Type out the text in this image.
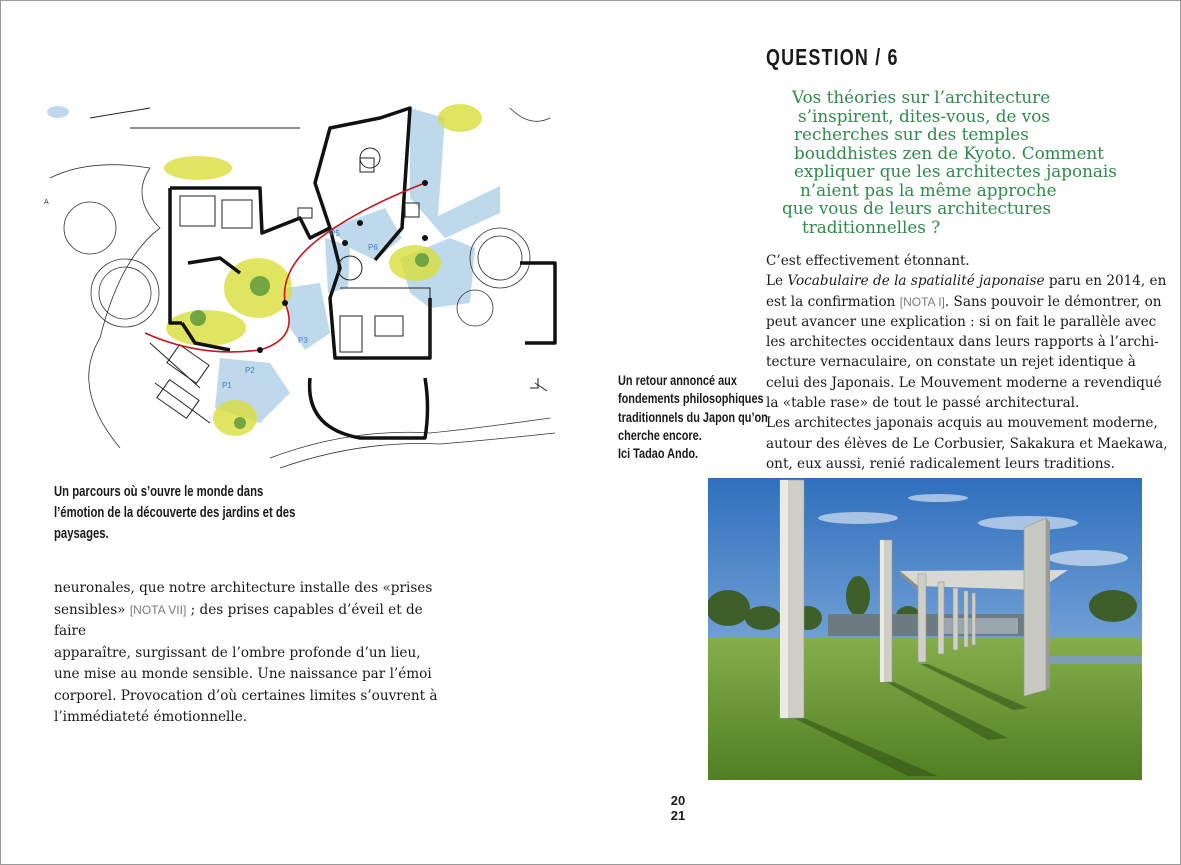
P1
P2
P3
P5
P6
A
Un parcours où s’ouvre le monde dans
l’émotion de la découverte des jardins et des
paysages.
neuronales, que notre architecture installe des «prises
sensibles» [NOTA VII] ; des prises capables d’éveil et de faire
apparaître, surgissant de l’ombre profonde d’un lieu,
une mise au monde sensible. Une naissance par l’émoi
corporel. Provocation d’où certaines limites s’ouvrent à
l’immédiateté émotionnelle.
QUESTION / 6
Vos théories sur l’architecture
s’inspirent, dites-vous, de vos
recherches sur des temples
bouddhistes zen de Kyoto. Comment
expliquer que les architectes japonais
n’aient pas la même approche
que vous de leurs architectures
traditionnelles ?
C’est effectivement étonnant.
Le Vocabulaire de la spatialité japonaise paru en 2014, en
est la confirmation [NOTA I]. Sans pouvoir le démontrer, on
peut avancer une explication : si on fait le parallèle avec
les architectes occidentaux dans leurs rapports à l’archi-
tecture vernaculaire, on constate un rejet identique à
celui des Japonais. Le Mouvement moderne a revendiqué
la «table rase» de tout le passé architectural.
Les architectes japonais acquis au mouvement moderne,
autour des élèves de Le Corbusier, Sakakura et Maekawa,
ont, eux aussi, renié radicalement leurs traditions.
Un retour annoncé aux
fondements philosophiques
traditionnels du Japon qu’on
cherche encore.
Ici Tadao Ando.
20
21
